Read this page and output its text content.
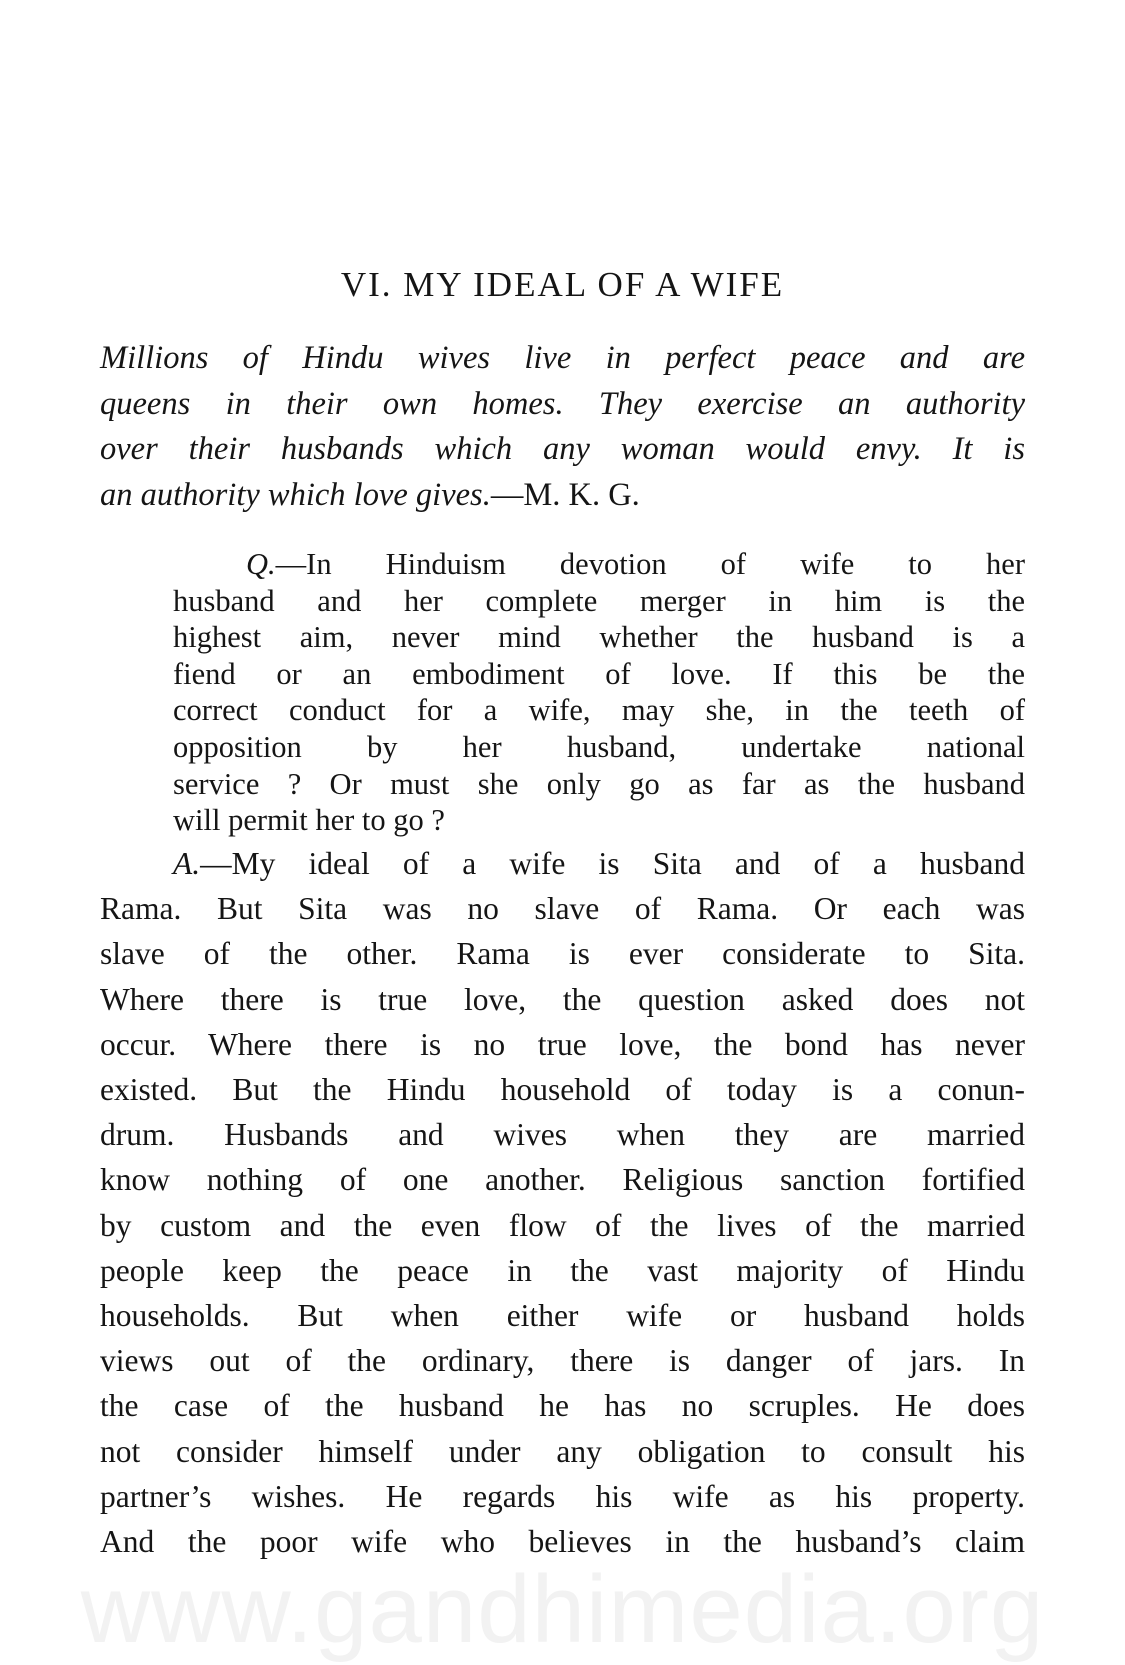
VI. MY IDEAL OF A WIFE
Millions of Hindu wives live in perfect peace and are
queens in their own homes. They exercise an authority
over their husbands which any woman would envy. It is
an authority which love gives.—M. K. G.
Q.—In Hinduism devotion of wife to her
husband and her complete merger in him is the
highest aim, never mind whether the husband is a
fiend or an embodiment of love. If this be the
correct conduct for a wife, may she, in the teeth of
opposition by her husband, undertake national
service ? Or must she only go as far as the husband
will permit her to go ?
A.—My ideal of a wife is Sita and of a husband
Rama. But Sita was no slave of Rama. Or each was
slave of the other. Rama is ever considerate to Sita.
Where there is true love, the question asked does not
occur. Where there is no true love, the bond has never
existed. But the Hindu household of today is a conun-
drum. Husbands and wives when they are married
know nothing of one another. Religious sanction fortified
by custom and the even flow of the lives of the married
people keep the peace in the vast majority of Hindu
households. But when either wife or husband holds
views out of the ordinary, there is danger of jars. In
the case of the husband he has no scruples. He does
not consider himself under any obligation to consult his
partner’s wishes. He regards his wife as his property.
And the poor wife who believes in the husband’s claim
www.gandhimedia.org
